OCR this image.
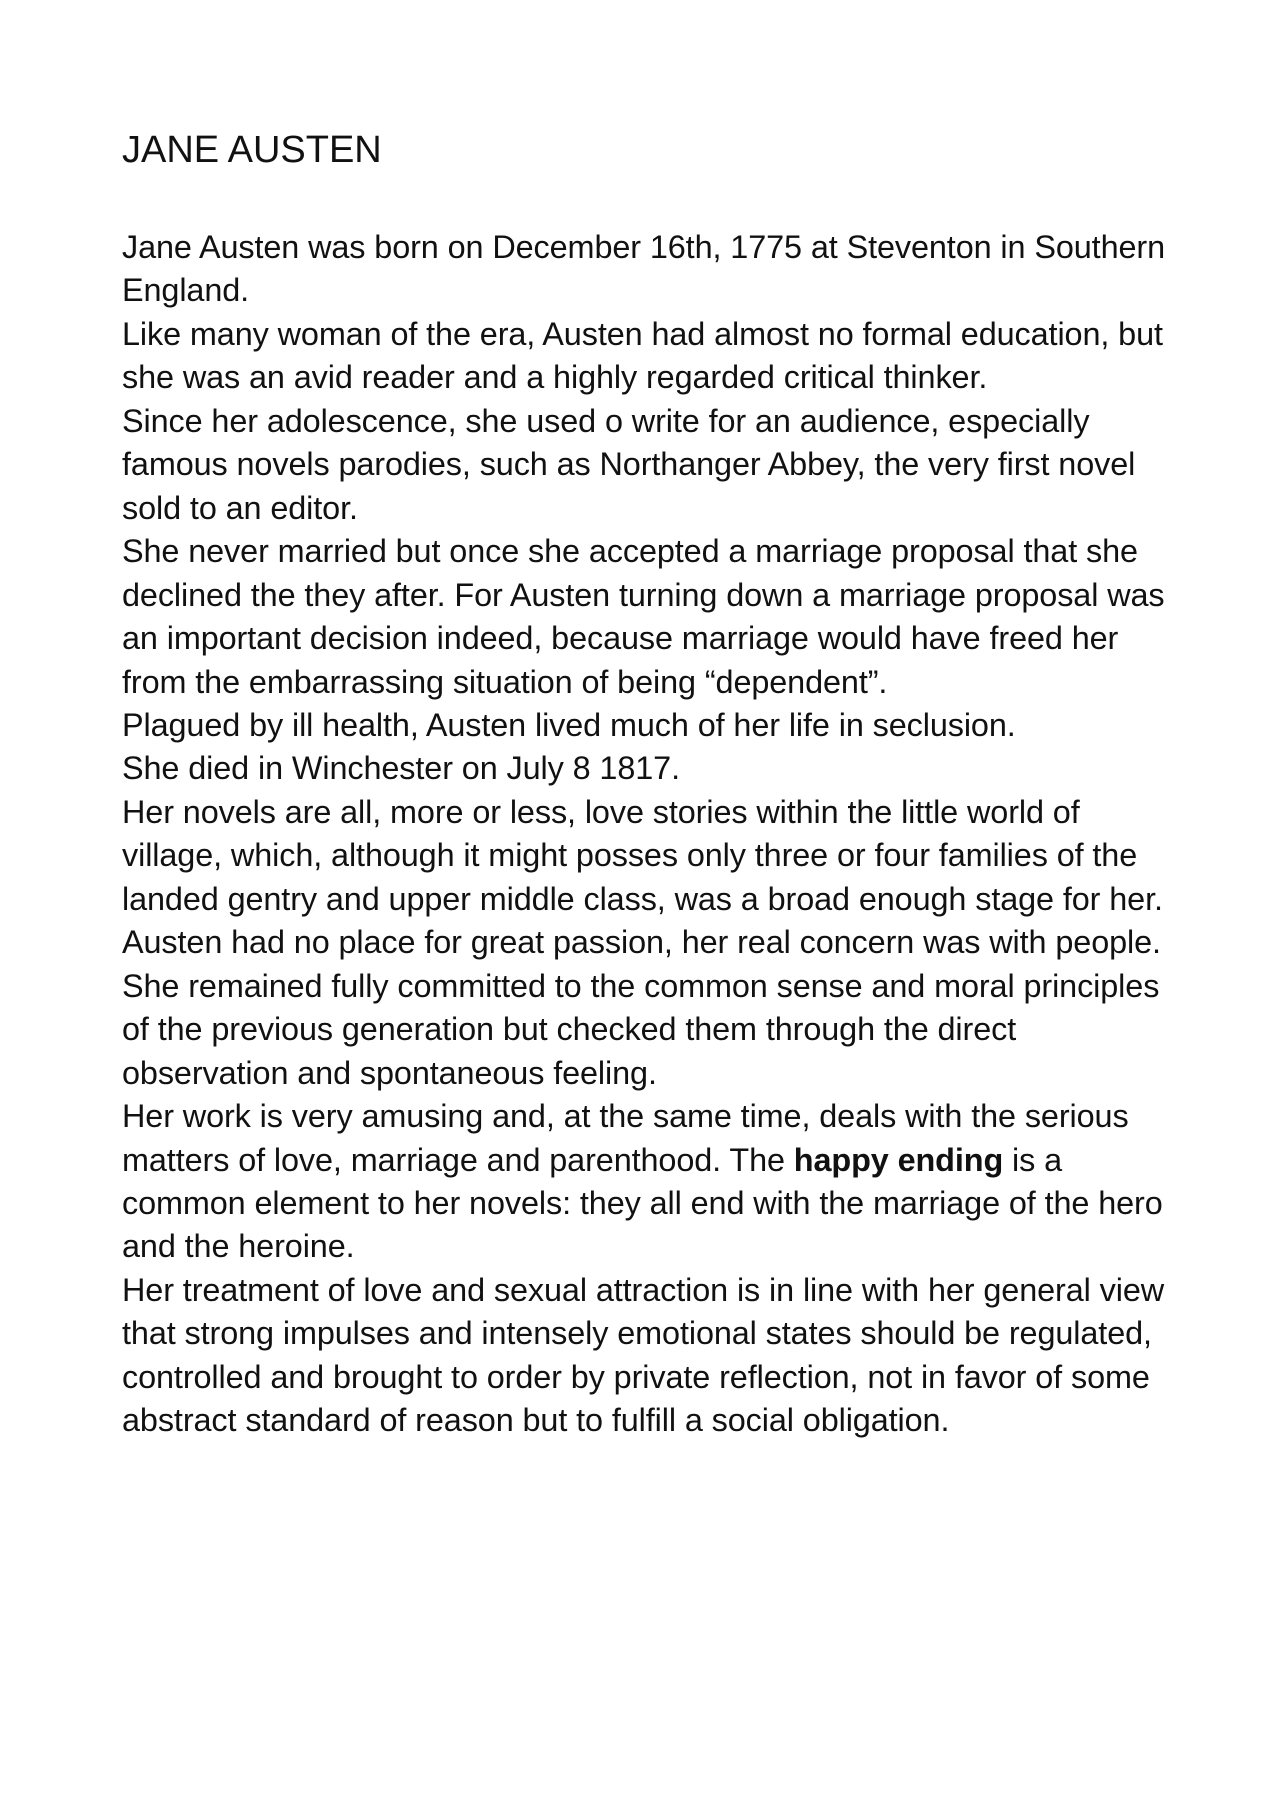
JANE AUSTEN

Jane Austen was born on December 16th, 1775 at Steventon in Southern England.

Like many woman of the era, Austen had almost no formal education, but she was an avid reader and a highly regarded critical thinker.

Since her adolescence, she used o write for an audience, especially famous novels parodies, such as Northanger Abbey, the very first novel sold to an editor.

She never married but once she accepted a marriage proposal that she declined the they after. For Austen turning down a marriage proposal was an important decision indeed, because marriage would have freed her from the embarrassing situation of being “dependent”.

Plagued by ill health, Austen lived much of her life in seclusion.

She died in Winchester on July 8 1817.

Her novels are all, more or less, love stories within the little world of village, which, although it might posses only three or four families of the landed gentry and upper middle class, was a broad enough stage for her.

Austen had no place for great passion, her real concern was with people. She remained fully committed to the common sense and moral principles of the previous generation but checked them through the direct observation and spontaneous feeling.

Her work is very amusing and, at the same time, deals with the serious matters of love, marriage and parenthood. The happy ending is a common element to her novels: they all end with the marriage of the hero and the heroine.

Her treatment of love and sexual attraction is in line with her general view that strong impulses and intensely emotional states should be regulated, controlled and brought to order by private reflection, not in favor of some abstract standard of reason but to fulfill a social obligation.
